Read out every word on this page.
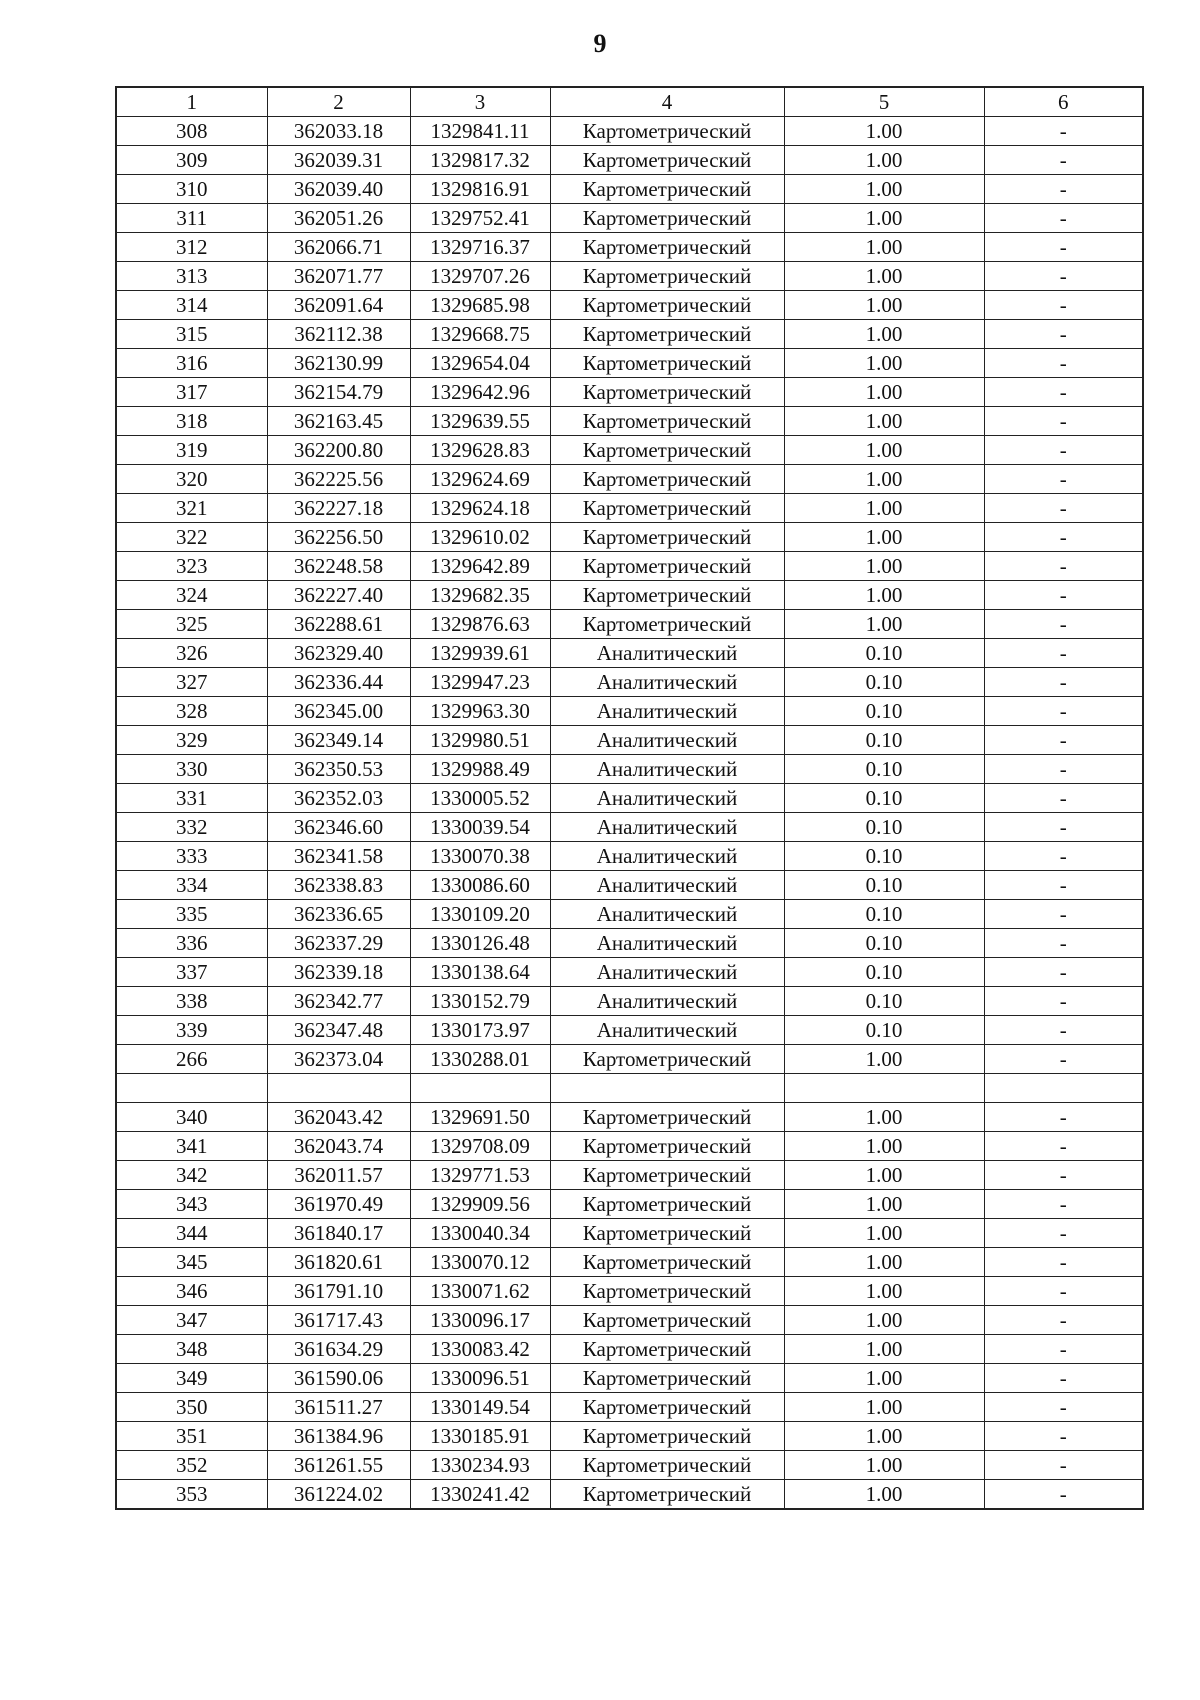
9
1	2	3	4	5	6
308	362033.18	1329841.11	Картометрический	1.00	-
309	362039.31	1329817.32	Картометрический	1.00	-
310	362039.40	1329816.91	Картометрический	1.00	-
311	362051.26	1329752.41	Картометрический	1.00	-
312	362066.71	1329716.37	Картометрический	1.00	-
313	362071.77	1329707.26	Картометрический	1.00	-
314	362091.64	1329685.98	Картометрический	1.00	-
315	362112.38	1329668.75	Картометрический	1.00	-
316	362130.99	1329654.04	Картометрический	1.00	-
317	362154.79	1329642.96	Картометрический	1.00	-
318	362163.45	1329639.55	Картометрический	1.00	-
319	362200.80	1329628.83	Картометрический	1.00	-
320	362225.56	1329624.69	Картометрический	1.00	-
321	362227.18	1329624.18	Картометрический	1.00	-
322	362256.50	1329610.02	Картометрический	1.00	-
323	362248.58	1329642.89	Картометрический	1.00	-
324	362227.40	1329682.35	Картометрический	1.00	-
325	362288.61	1329876.63	Картометрический	1.00	-
326	362329.40	1329939.61	Аналитический	0.10	-
327	362336.44	1329947.23	Аналитический	0.10	-
328	362345.00	1329963.30	Аналитический	0.10	-
329	362349.14	1329980.51	Аналитический	0.10	-
330	362350.53	1329988.49	Аналитический	0.10	-
331	362352.03	1330005.52	Аналитический	0.10	-
332	362346.60	1330039.54	Аналитический	0.10	-
333	362341.58	1330070.38	Аналитический	0.10	-
334	362338.83	1330086.60	Аналитический	0.10	-
335	362336.65	1330109.20	Аналитический	0.10	-
336	362337.29	1330126.48	Аналитический	0.10	-
337	362339.18	1330138.64	Аналитический	0.10	-
338	362342.77	1330152.79	Аналитический	0.10	-
339	362347.48	1330173.97	Аналитический	0.10	-
266	362373.04	1330288.01	Картометрический	1.00	-

340	362043.42	1329691.50	Картометрический	1.00	-
341	362043.74	1329708.09	Картометрический	1.00	-
342	362011.57	1329771.53	Картометрический	1.00	-
343	361970.49	1329909.56	Картометрический	1.00	-
344	361840.17	1330040.34	Картометрический	1.00	-
345	361820.61	1330070.12	Картометрический	1.00	-
346	361791.10	1330071.62	Картометрический	1.00	-
347	361717.43	1330096.17	Картометрический	1.00	-
348	361634.29	1330083.42	Картометрический	1.00	-
349	361590.06	1330096.51	Картометрический	1.00	-
350	361511.27	1330149.54	Картометрический	1.00	-
351	361384.96	1330185.91	Картометрический	1.00	-
352	361261.55	1330234.93	Картометрический	1.00	-
353	361224.02	1330241.42	Картометрический	1.00	-
